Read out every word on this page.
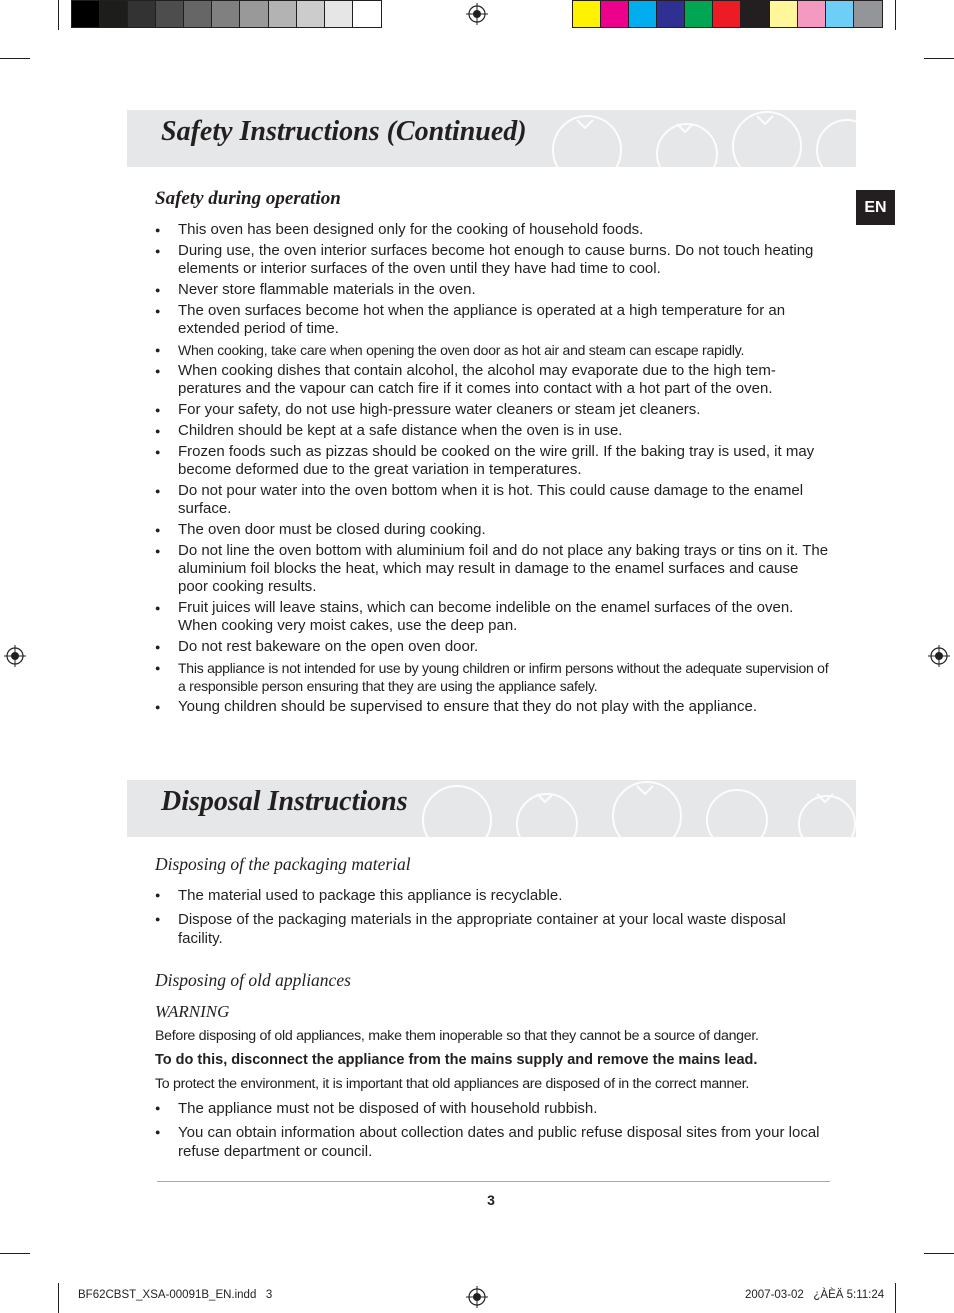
Safety Instructions (Continued)
EN
Safety during operation
● This oven has been designed only for the cooking of household foods.
● During use, the oven interior surfaces become hot enough to cause burns. Do not touch heating elements or interior surfaces of the oven until they have had time to cool.
● Never store flammable materials in the oven.
● The oven surfaces become hot when the appliance is operated at a high temperature for an extended period of time.
● When cooking, take care when opening the oven door as hot air and steam can escape rapidly.
● When cooking dishes that contain alcohol, the alcohol may evaporate due to the high tem-peratures and the vapour can catch fire if it comes into contact with a hot part of the oven.
● For your safety, do not use high-pressure water cleaners or steam jet cleaners.
● Children should be kept at a safe distance when the oven is in use.
● Frozen foods such as pizzas should be cooked on the wire grill. If the baking tray is used, it may become deformed due to the great variation in temperatures.
● Do not pour water into the oven bottom when it is hot. This could cause damage to the enamel surface.
● The oven door must be closed during cooking.
● Do not line the oven bottom with aluminium foil and do not place any baking trays or tins on it. The aluminium foil blocks the heat, which may result in damage to the enamel surfaces and cause poor cooking results.
● Fruit juices will leave stains, which can become indelible on the enamel surfaces of the oven. When cooking very moist cakes, use the deep pan.
● Do not rest bakeware on the open oven door.
● This appliance is not intended for use by young children or infirm persons without the adequate supervision of a responsible person ensuring that they are using the appliance safely.
● Young children should be supervised to ensure that they do not play with the appliance.
Disposal Instructions
Disposing of the packaging material
● The material used to package this appliance is recyclable.
● Dispose of the packaging materials in the appropriate container at your local waste disposal facility.
Disposing of old appliances
WARNING
Before disposing of old appliances, make them inoperable so that they cannot be a source of danger.
To do this, disconnect the appliance from the mains supply and remove the mains lead.
To protect the environment, it is important that old appliances are disposed of in the correct manner.
● The appliance must not be disposed of with household rubbish.
● You can obtain information about collection dates and public refuse disposal sites from your local refuse department or council.
3
BF62CBST_XSA-00091B_EN.indd   3	2007-03-02   ¿ÀÈÄ 5:11:24
